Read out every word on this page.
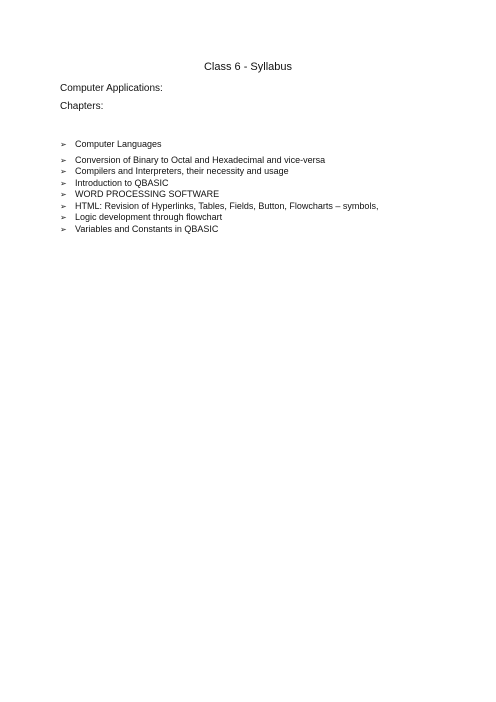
Class 6 - Syllabus
Computer Applications:
Chapters:
➢ Computer Languages
➢ Conversion of Binary to Octal and Hexadecimal and vice-versa
➢ Compilers and Interpreters, their necessity and usage
➢ Introduction to QBASIC
➢ WORD PROCESSING SOFTWARE
➢ HTML: Revision of Hyperlinks, Tables, Fields, Button, Flowcharts – symbols,
➢ Logic development through flowchart
➢ Variables and Constants in QBASIC
